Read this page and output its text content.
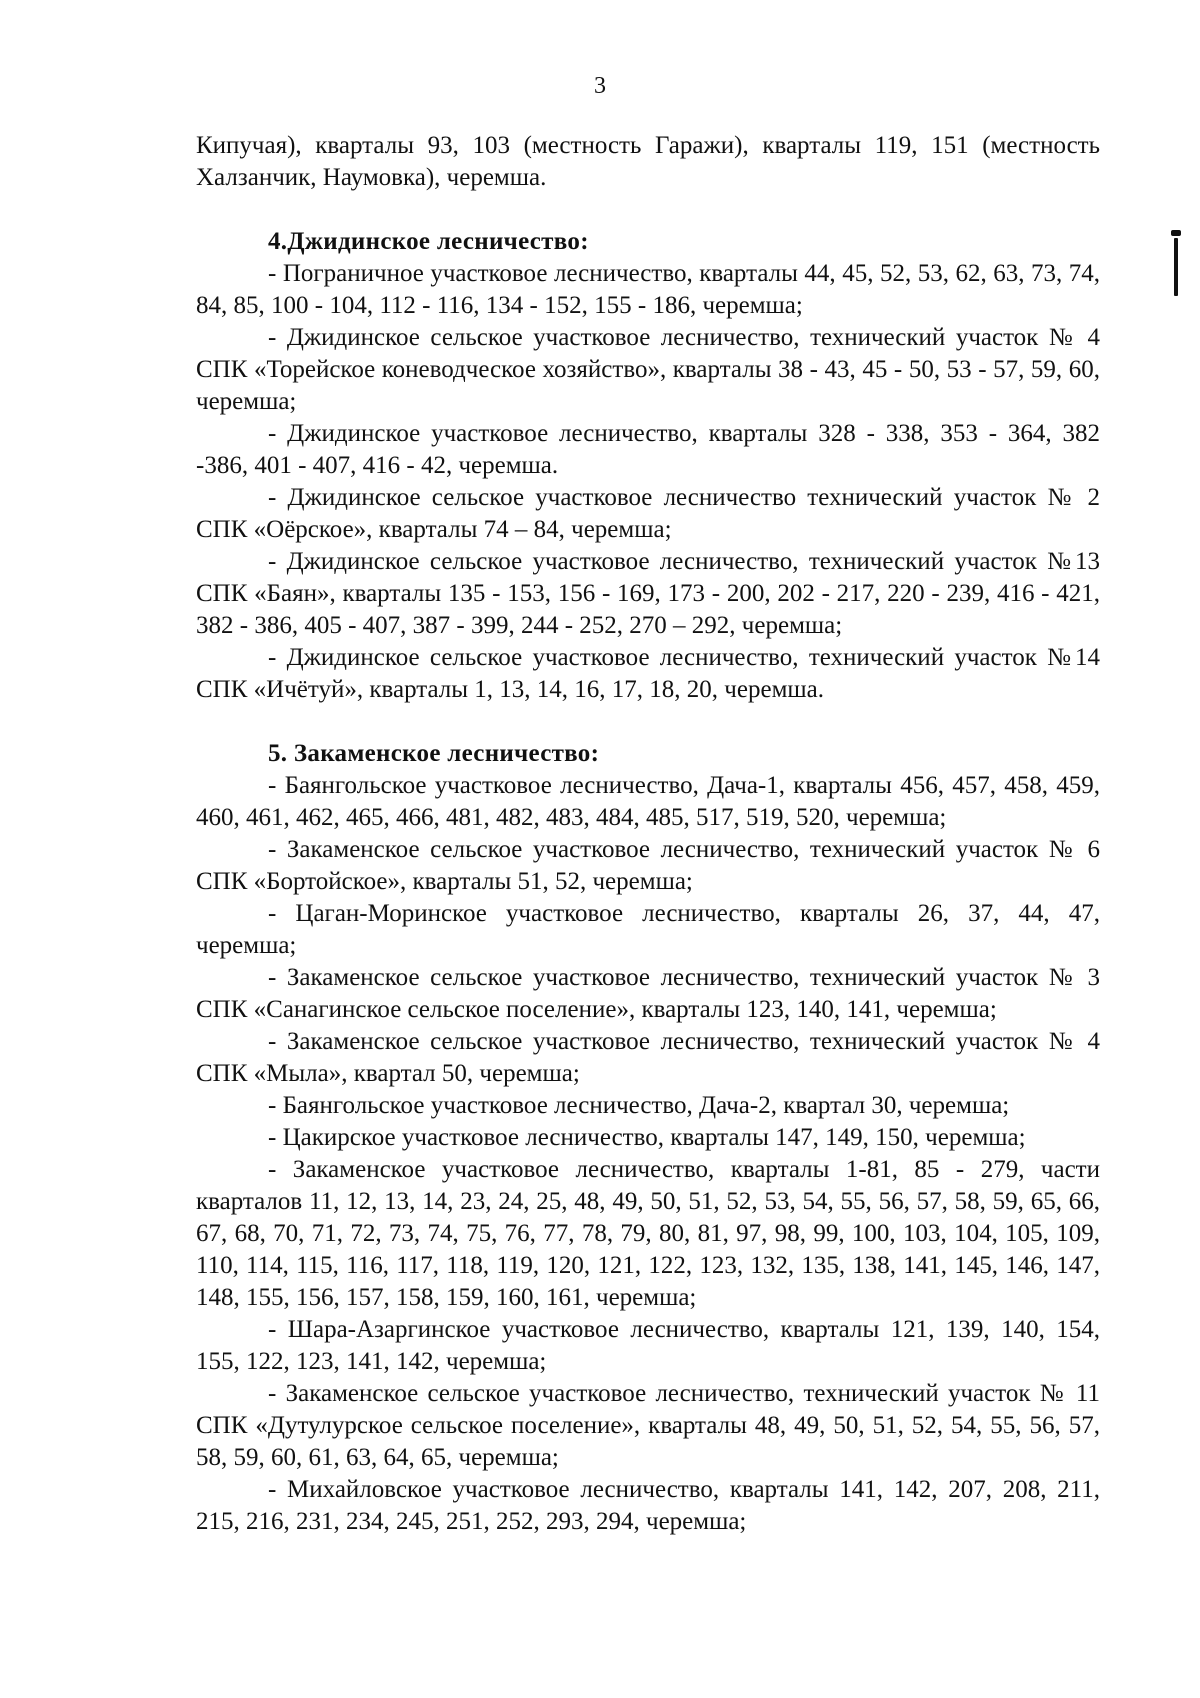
3

Кипучая), кварталы 93, 103 (местность Гаражи), кварталы 119, 151 (местность Халзанчик, Наумовка), черемша.

4.Джидинское лесничество:

- Пограничное участковое лесничество, кварталы 44, 45, 52, 53, 62, 63, 73, 74, 84, 85, 100 - 104, 112 - 116, 134 - 152, 155 - 186, черемша;

- Джидинское сельское участковое лесничество, технический участок № 4 СПК «Торейское коневодческое хозяйство», кварталы 38 - 43, 45 - 50, 53 - 57, 59, 60, черемша;

- Джидинское участковое лесничество, кварталы 328 - 338, 353 - 364, 382 -386, 401 - 407, 416 - 42, черемша.

- Джидинское сельское участковое лесничество технический участок № 2 СПК «Оёрское», кварталы 74 – 84, черемша;

- Джидинское сельское участковое лесничество, технический участок №13 СПК «Баян», кварталы 135 - 153, 156 - 169, 173 - 200, 202 - 217, 220 - 239, 416 - 421, 382 - 386, 405 - 407, 387 - 399, 244 - 252, 270 – 292, черемша;

- Джидинское сельское участковое лесничество, технический участок №14 СПК «Ичётуй», кварталы 1, 13, 14, 16, 17, 18, 20, черемша.

5. Закаменское лесничество:

- Баянгольское участковое лесничество, Дача-1, кварталы 456, 457, 458, 459, 460, 461, 462, 465, 466, 481, 482, 483, 484, 485, 517, 519, 520, черемша;

- Закаменское сельское участковое лесничество, технический участок № 6 СПК «Бортойское», кварталы 51, 52, черемша;

- Цаган-Моринское участковое лесничество, кварталы 26, 37, 44, 47, черемша;

- Закаменское сельское участковое лесничество, технический участок № 3 СПК «Санагинское сельское поселение», кварталы 123, 140, 141, черемша;

- Закаменское сельское участковое лесничество, технический участок № 4 СПК «Мыла», квартал 50, черемша;

- Баянгольское участковое лесничество, Дача-2, квартал 30, черемша;

- Цакирское участковое лесничество, кварталы 147, 149, 150, черемша;

- Закаменское участковое лесничество, кварталы 1-81, 85 - 279, части кварталов 11, 12, 13, 14, 23, 24, 25, 48, 49, 50, 51, 52, 53, 54, 55, 56, 57, 58, 59, 65, 66, 67, 68, 70, 71, 72, 73, 74, 75, 76, 77, 78, 79, 80, 81, 97, 98, 99, 100, 103, 104, 105, 109, 110, 114, 115, 116, 117, 118, 119, 120, 121, 122, 123, 132, 135, 138, 141, 145, 146, 147, 148, 155, 156, 157, 158, 159, 160, 161, черемша;

- Шара-Азаргинское участковое лесничество, кварталы 121, 139, 140, 154, 155, 122, 123, 141, 142, черемша;

- Закаменское сельское участковое лесничество, технический участок № 11 СПК «Дутулурское сельское поселение», кварталы 48, 49, 50, 51, 52, 54, 55, 56, 57, 58, 59, 60, 61, 63, 64, 65, черемша;

- Михайловское участковое лесничество, кварталы 141, 142, 207, 208, 211, 215, 216, 231, 234, 245, 251, 252, 293, 294, черемша;
